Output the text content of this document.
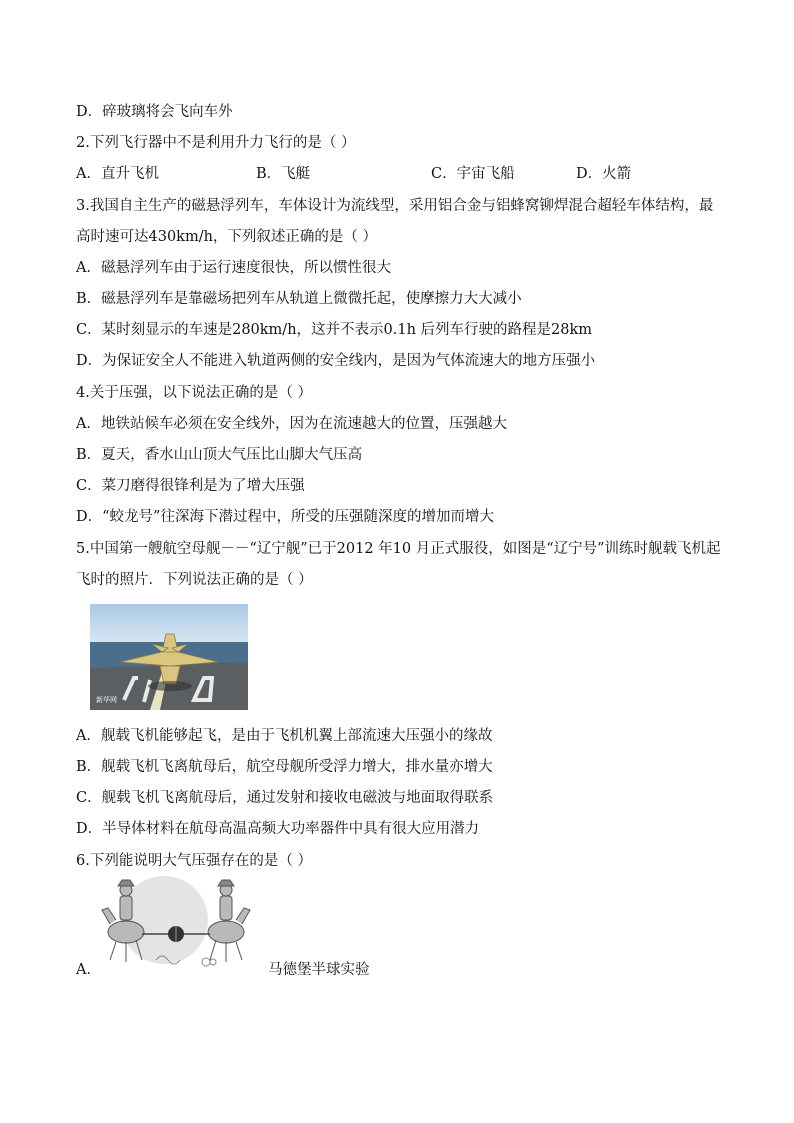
D．碎玻璃将会飞向车外
2.下列飞行器中不是利用升力飞行的是（ ）
A．直升飞机	B．飞艇	C．宇宙飞船	D．火箭
3.我国自主生产的磁悬浮列车，车体设计为流线型，采用铝合金与铝蜂窝铆焊混合超轻车体结构，最
高时速可达430km/h，下列叙述正确的是（ ）
A．磁悬浮列车由于运行速度很快，所以惯性很大
B．磁悬浮列车是靠磁场把列车从轨道上微微托起，使摩擦力大大减小
C．某时刻显示的车速是280km/h，这并不表示0.1h 后列车行驶的路程是28km
D．为保证安全人不能进入轨道两侧的安全线内，是因为气体流速大的地方压强小
4.关于压强，以下说法正确的是（ ）
A．地铁站候车必须在安全线外，因为在流速越大的位置，压强越大
B．夏天，香水山山顶大气压比山脚大气压高
C．菜刀磨得很锋利是为了增大压强
D．“蛟龙号”往深海下潜过程中，所受的压强随深度的增加而增大
5.中国第一艘航空母舰－－“辽宁舰”已于2012 年10 月正式服役，如图是“辽宁号”训练时舰载飞机起
飞时的照片．下列说法正确的是（ ）
新华网
A．舰载飞机能够起飞，是由于飞机机翼上部流速大压强小的缘故
B．舰载飞机飞离航母后，航空母舰所受浮力增大，排水量亦增大
C．舰载飞机飞离航母后，通过发射和接收电磁波与地面取得联系
D．半导体材料在航母高温高频大功率器件中具有很大应用潜力
6.下列能说明大气压强存在的是（ ）
A．	马德堡半球实验
